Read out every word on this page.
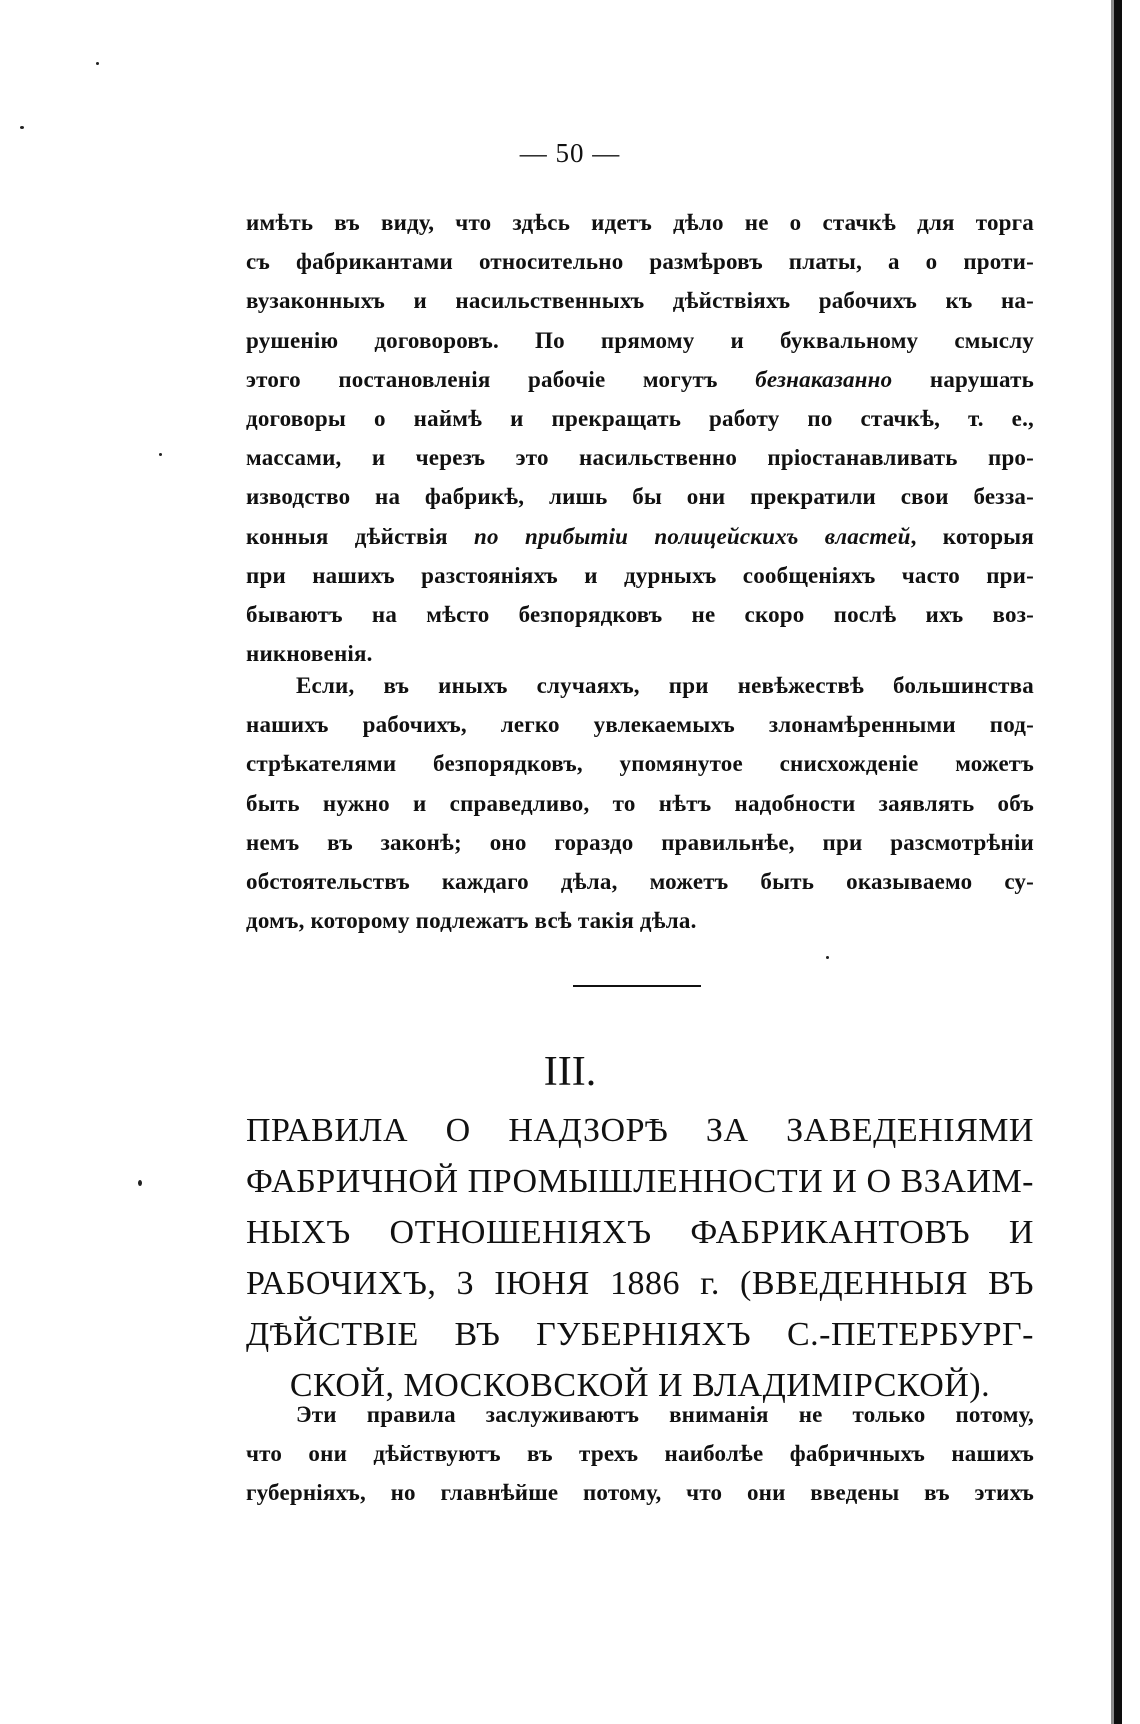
— 50 —
имѣть въ виду, что здѣсь идетъ дѣло не о стачкѣ для торга
съ фабрикантами относительно размѣровъ платы, а о проти-
вузаконныхъ и насильственныхъ дѣйствіяхъ рабочихъ къ на-
рушенію договоровъ. По прямому и буквальному смыслу
этого постановленія рабочіе могутъ безнаказанно нарушать
договоры о наймѣ и прекращать работу по стачкѣ, т. е.,
массами, и черезъ это насильственно пріостанавливать про-
изводство на фабрикѣ, лишь бы они прекратили свои безза-
конныя дѣйствія по прибытіи полицейскихъ властей, которыя
при нашихъ разстояніяхъ и дурныхъ сообщеніяхъ часто при-
бываютъ на мѣсто безпорядковъ не скоро послѣ ихъ воз-
никновенія.
Если, въ иныхъ случаяхъ, при невѣжествѣ большинства
нашихъ рабочихъ, легко увлекаемыхъ злонамѣренными под-
стрѣкателями безпорядковъ, упомянутое снисхожденіе можетъ
быть нужно и справедливо, то нѣтъ надобности заявлять объ
немъ въ законѣ; оно гораздо правильнѣе, при разсмотрѣніи
обстоятельствъ каждаго дѣла, можетъ быть оказываемо су-
домъ, которому подлежатъ всѣ такія дѣла.
III.
ПРАВИЛА О НАДЗОРѢ ЗА ЗАВЕДЕНІЯМИ
ФАБРИЧНОЙ ПРОМЫШЛЕННОСТИ И О ВЗАИМ-
НЫХЪ ОТНОШЕНІЯХЪ ФАБРИКАНТОВЪ И
РАБОЧИХЪ, 3 ІЮНЯ 1886 г. (ВВЕДЕННЫЯ ВЪ
ДѢЙСТВІЕ ВЪ ГУБЕРНІЯХЪ С.-ПЕТЕРБУРГ-
СКОЙ, МОСКОВСКОЙ И ВЛАДИМІРСКОЙ).
Эти правила заслуживаютъ вниманія не только потому,
что они дѣйствуютъ въ трехъ наиболѣе фабричныхъ нашихъ
губерніяхъ, но главнѣйше потому, что они введены въ этихъ
